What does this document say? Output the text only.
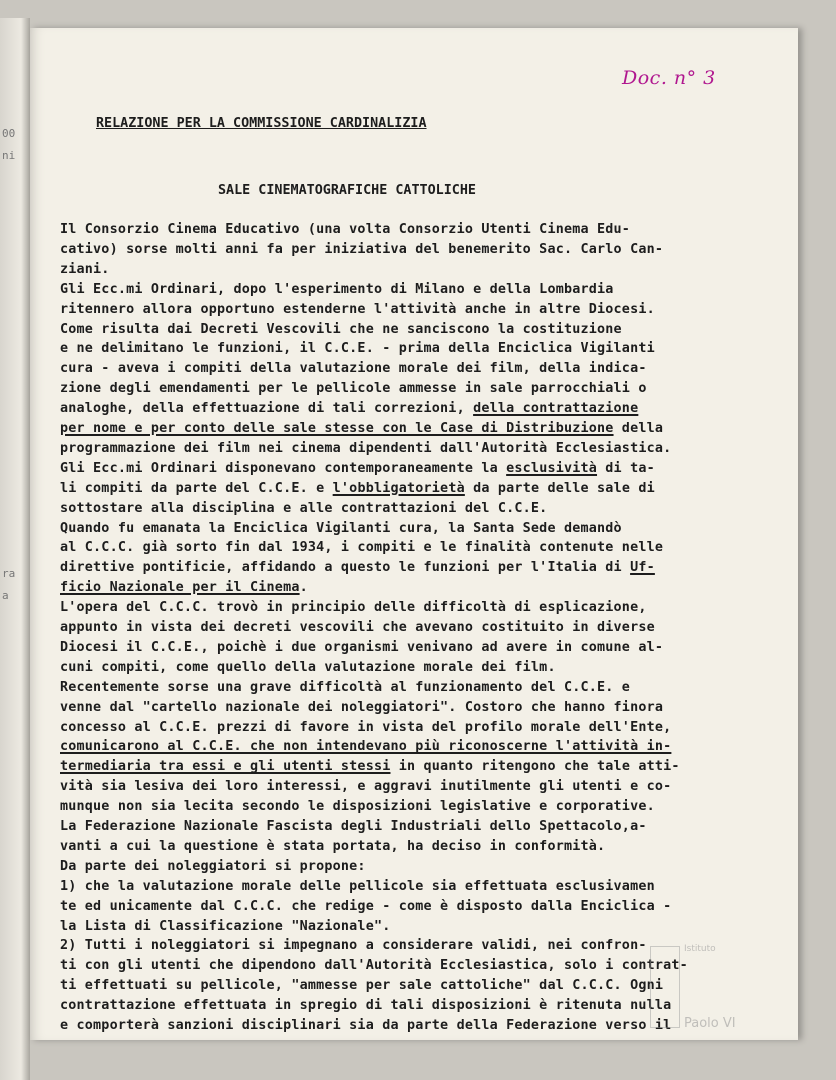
00
ni

ra
a
Doc. n° 3
RELAZIONE PER LA COMMISSIONE CARDINALIZIA
SALE CINEMATOGRAFICHE CATTOLICHE
Il Consorzio Cinema Educativo (una volta Consorzio Utenti Cinema Edu-
cativo) sorse molti anni fa per iniziativa del benemerito Sac. Carlo Can-
ziani.
Gli Ecc.mi Ordinari, dopo l'esperimento di Milano e della Lombardia
ritennero allora opportuno estenderne l'attività anche in altre Diocesi.
Come risulta dai Decreti Vescovili che ne sanciscono la costituzione
e ne delimitano le funzioni, il C.C.E. - prima della Enciclica Vigilanti
cura - aveva i compiti della valutazione morale dei film, della indica-
zione degli emendamenti per le pellicole ammesse in sale parrocchiali o
analoghe, della effettuazione di tali correzioni, della contrattazione
per nome e per conto delle sale stesse con le Case di Distribuzione della
programmazione dei film nei cinema dipendenti dall'Autorità Ecclesiastica.
Gli Ecc.mi Ordinari disponevano contemporaneamente la esclusività di ta-
li compiti da parte del C.C.E. e l'obbligatorietà da parte delle sale di
sottostare alla disciplina e alle contrattazioni del C.C.E.
Quando fu emanata la Enciclica Vigilanti cura, la Santa Sede demandò
al C.C.C. già sorto fin dal 1934, i compiti e le finalità contenute nelle
direttive pontificie, affidando a questo le funzioni per l'Italia di Uf-
ficio Nazionale per il Cinema.
L'opera del C.C.C. trovò in principio delle difficoltà di esplicazione,
appunto in vista dei decreti vescovili che avevano costituito in diverse
Diocesi il C.C.E., poichè i due organismi venivano ad avere in comune al-
cuni compiti, come quello della valutazione morale dei film.
Recentemente sorse una grave difficoltà al funzionamento del C.C.E. e
venne dal "cartello nazionale dei noleggiatori". Costoro che hanno finora
concesso al C.C.E. prezzi di favore in vista del profilo morale dell'Ente,
comunicarono al C.C.E. che non intendevano più riconoscerne l'attività in-
termediaria tra essi e gli utenti stessi in quanto ritengono che tale atti-
vità sia lesiva dei loro interessi, e aggravi inutilmente gli utenti e co-
munque non sia lecita secondo le disposizioni legislative e corporative.
La Federazione Nazionale Fascista degli Industriali dello Spettacolo,a-
vanti a cui la questione è stata portata, ha deciso in conformità.
Da parte dei noleggiatori si propone:
1) che la valutazione morale delle pellicole sia effettuata esclusivamen
te ed unicamente dal C.C.C. che redige - come è disposto dalla Enciclica -
la Lista di Classificazione "Nazionale".
2) Tutti i noleggiatori si impegnano a considerare validi, nei confron-
ti con gli utenti che dipendono dall'Autorità Ecclesiastica, solo i contrat-
ti effettuati su pellicole, "ammesse per sale cattoliche" dal C.C.C. Ogni
contrattazione effettuata in spregio di tali disposizioni è ritenuta nulla
e comporterà sanzioni disciplinari sia da parte della Federazione verso il
Istituto
Paolo VI
